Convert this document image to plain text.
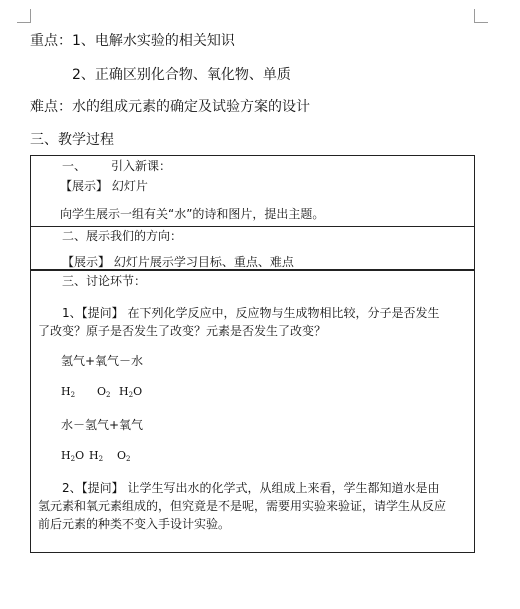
重点：1、电解水实验的相关知识
2、正确区别化合物、氧化物、单质
难点：水的组成元素的确定及试验方案的设计
三、教学过程
一、 引入新课：
【展示】 幻灯片
向学生展示一组有关“水”的诗和图片，提出主题。
二、展示我们的方向：
【展示】 幻灯片展示学习目标、重点、难点
三、讨论环节：
1、【提问】 在下列化学反应中，反应物与生成物相比较，分子是否发生
了改变？原子是否发生了改变？元素是否发生了改变？
氢气+氧气－水
$H_2$ $O_2$ $H_2O$
水－氢气+氧气
$H_2O$ $H_2$ $O_2$
2、【提问】 让学生写出水的化学式，从组成上来看，学生都知道水是由
氢元素和氧元素组成的，但究竟是不是呢，需要用实验来验证，请学生从反应
前后元素的种类不变入手设计实验。
